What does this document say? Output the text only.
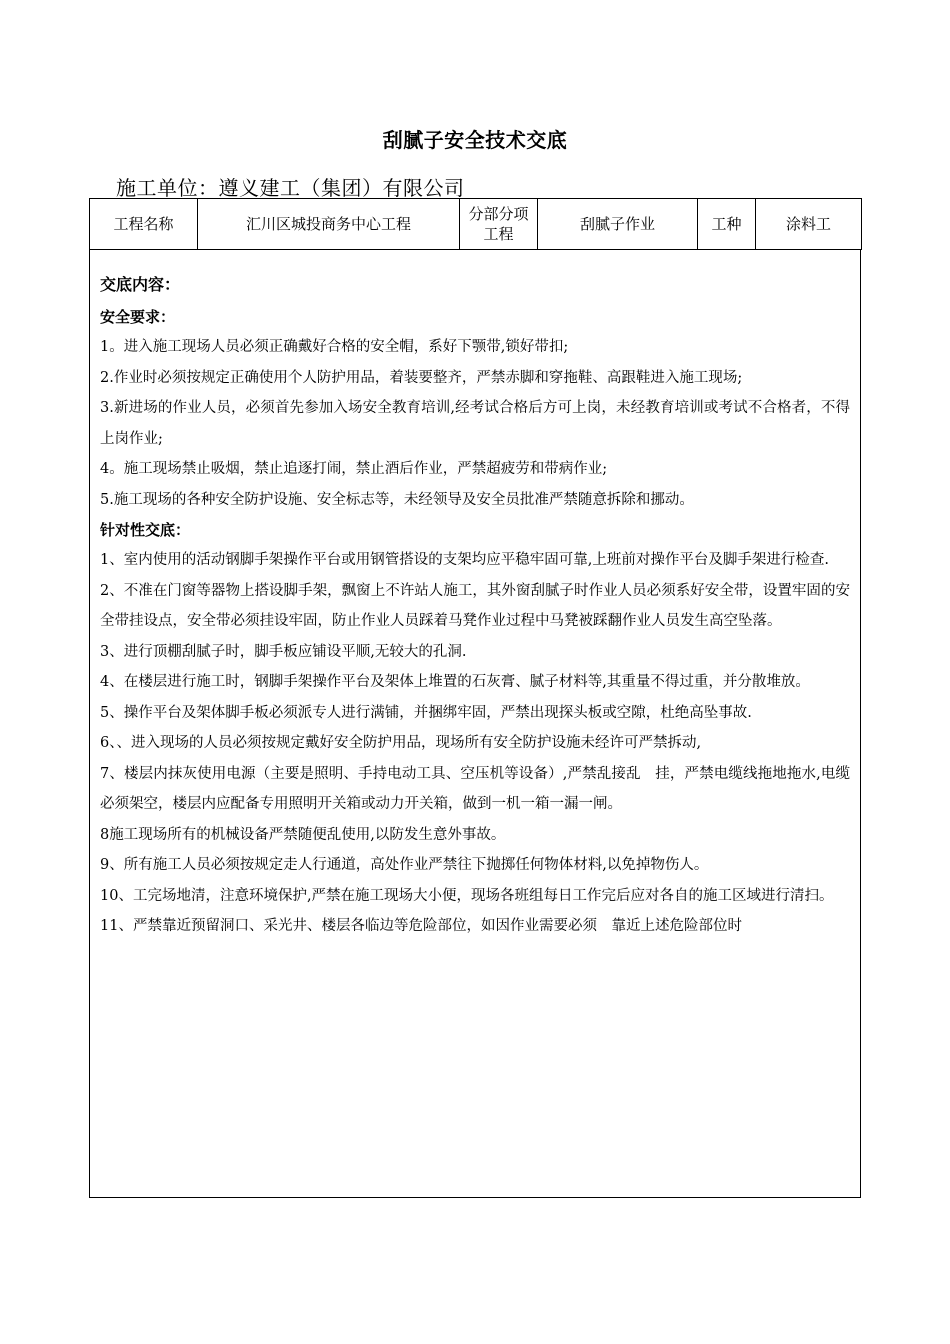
刮腻子安全技术交底
施工单位：遵义建工（集团）有限公司
工程名称	汇川区城投商务中心工程	分部分项工程	刮腻子作业	工种	涂料工
交底内容：
安全要求：
1。进入施工现场人员必须正确戴好合格的安全帽，系好下颚带,锁好带扣;
2.作业时必须按规定正确使用个人防护用品，着装要整齐，严禁赤脚和穿拖鞋、高跟鞋进入施工现场;
3.新进场的作业人员，必须首先参加入场安全教育培训,经考试合格后方可上岗，未经教育培训或考试不合格者，不得上岗作业;
4。施工现场禁止吸烟，禁止追逐打闹，禁止酒后作业，严禁超疲劳和带病作业;
5.施工现场的各种安全防护设施、安全标志等，未经领导及安全员批准严禁随意拆除和挪动。
针对性交底：
1、室内使用的活动钢脚手架操作平台或用钢管搭设的支架均应平稳牢固可靠,上班前对操作平台及脚手架进行检查.
2、不准在门窗等器物上搭设脚手架，飘窗上不许站人施工，其外窗刮腻子时作业人员必须系好安全带，设置牢固的安全带挂设点，安全带必须挂设牢固，防止作业人员踩着马凳作业过程中马凳被踩翻作业人员发生高空坠落。
3、进行顶棚刮腻子时，脚手板应铺设平顺,无较大的孔洞.
4、在楼层进行施工时，钢脚手架操作平台及架体上堆置的石灰膏、腻子材料等,其重量不得过重，并分散堆放。
5、操作平台及架体脚手板必须派专人进行满铺，并捆绑牢固，严禁出现探头板或空隙，杜绝高坠事故.
6、、进入现场的人员必须按规定戴好安全防护用品，现场所有安全防护设施未经许可严禁拆动,
7、楼层内抹灰使用电源（主要是照明、手持电动工具、空压机等设备）,严禁乱接乱　挂，严禁电缆线拖地拖水,电缆必须架空，楼层内应配备专用照明开关箱或动力开关箱，做到一机一箱一漏一闸。
8施工现场所有的机械设备严禁随便乱使用,以防发生意外事故。
9、所有施工人员必须按规定走人行通道，高处作业严禁往下抛掷任何物体材料,以免掉物伤人。
10、工完场地清，注意环境保护,严禁在施工现场大小便，现场各班组每日工作完后应对各自的施工区域进行清扫。
11、严禁靠近预留洞口、采光井、楼层各临边等危险部位，如因作业需要必须　靠近上述危险部位时
